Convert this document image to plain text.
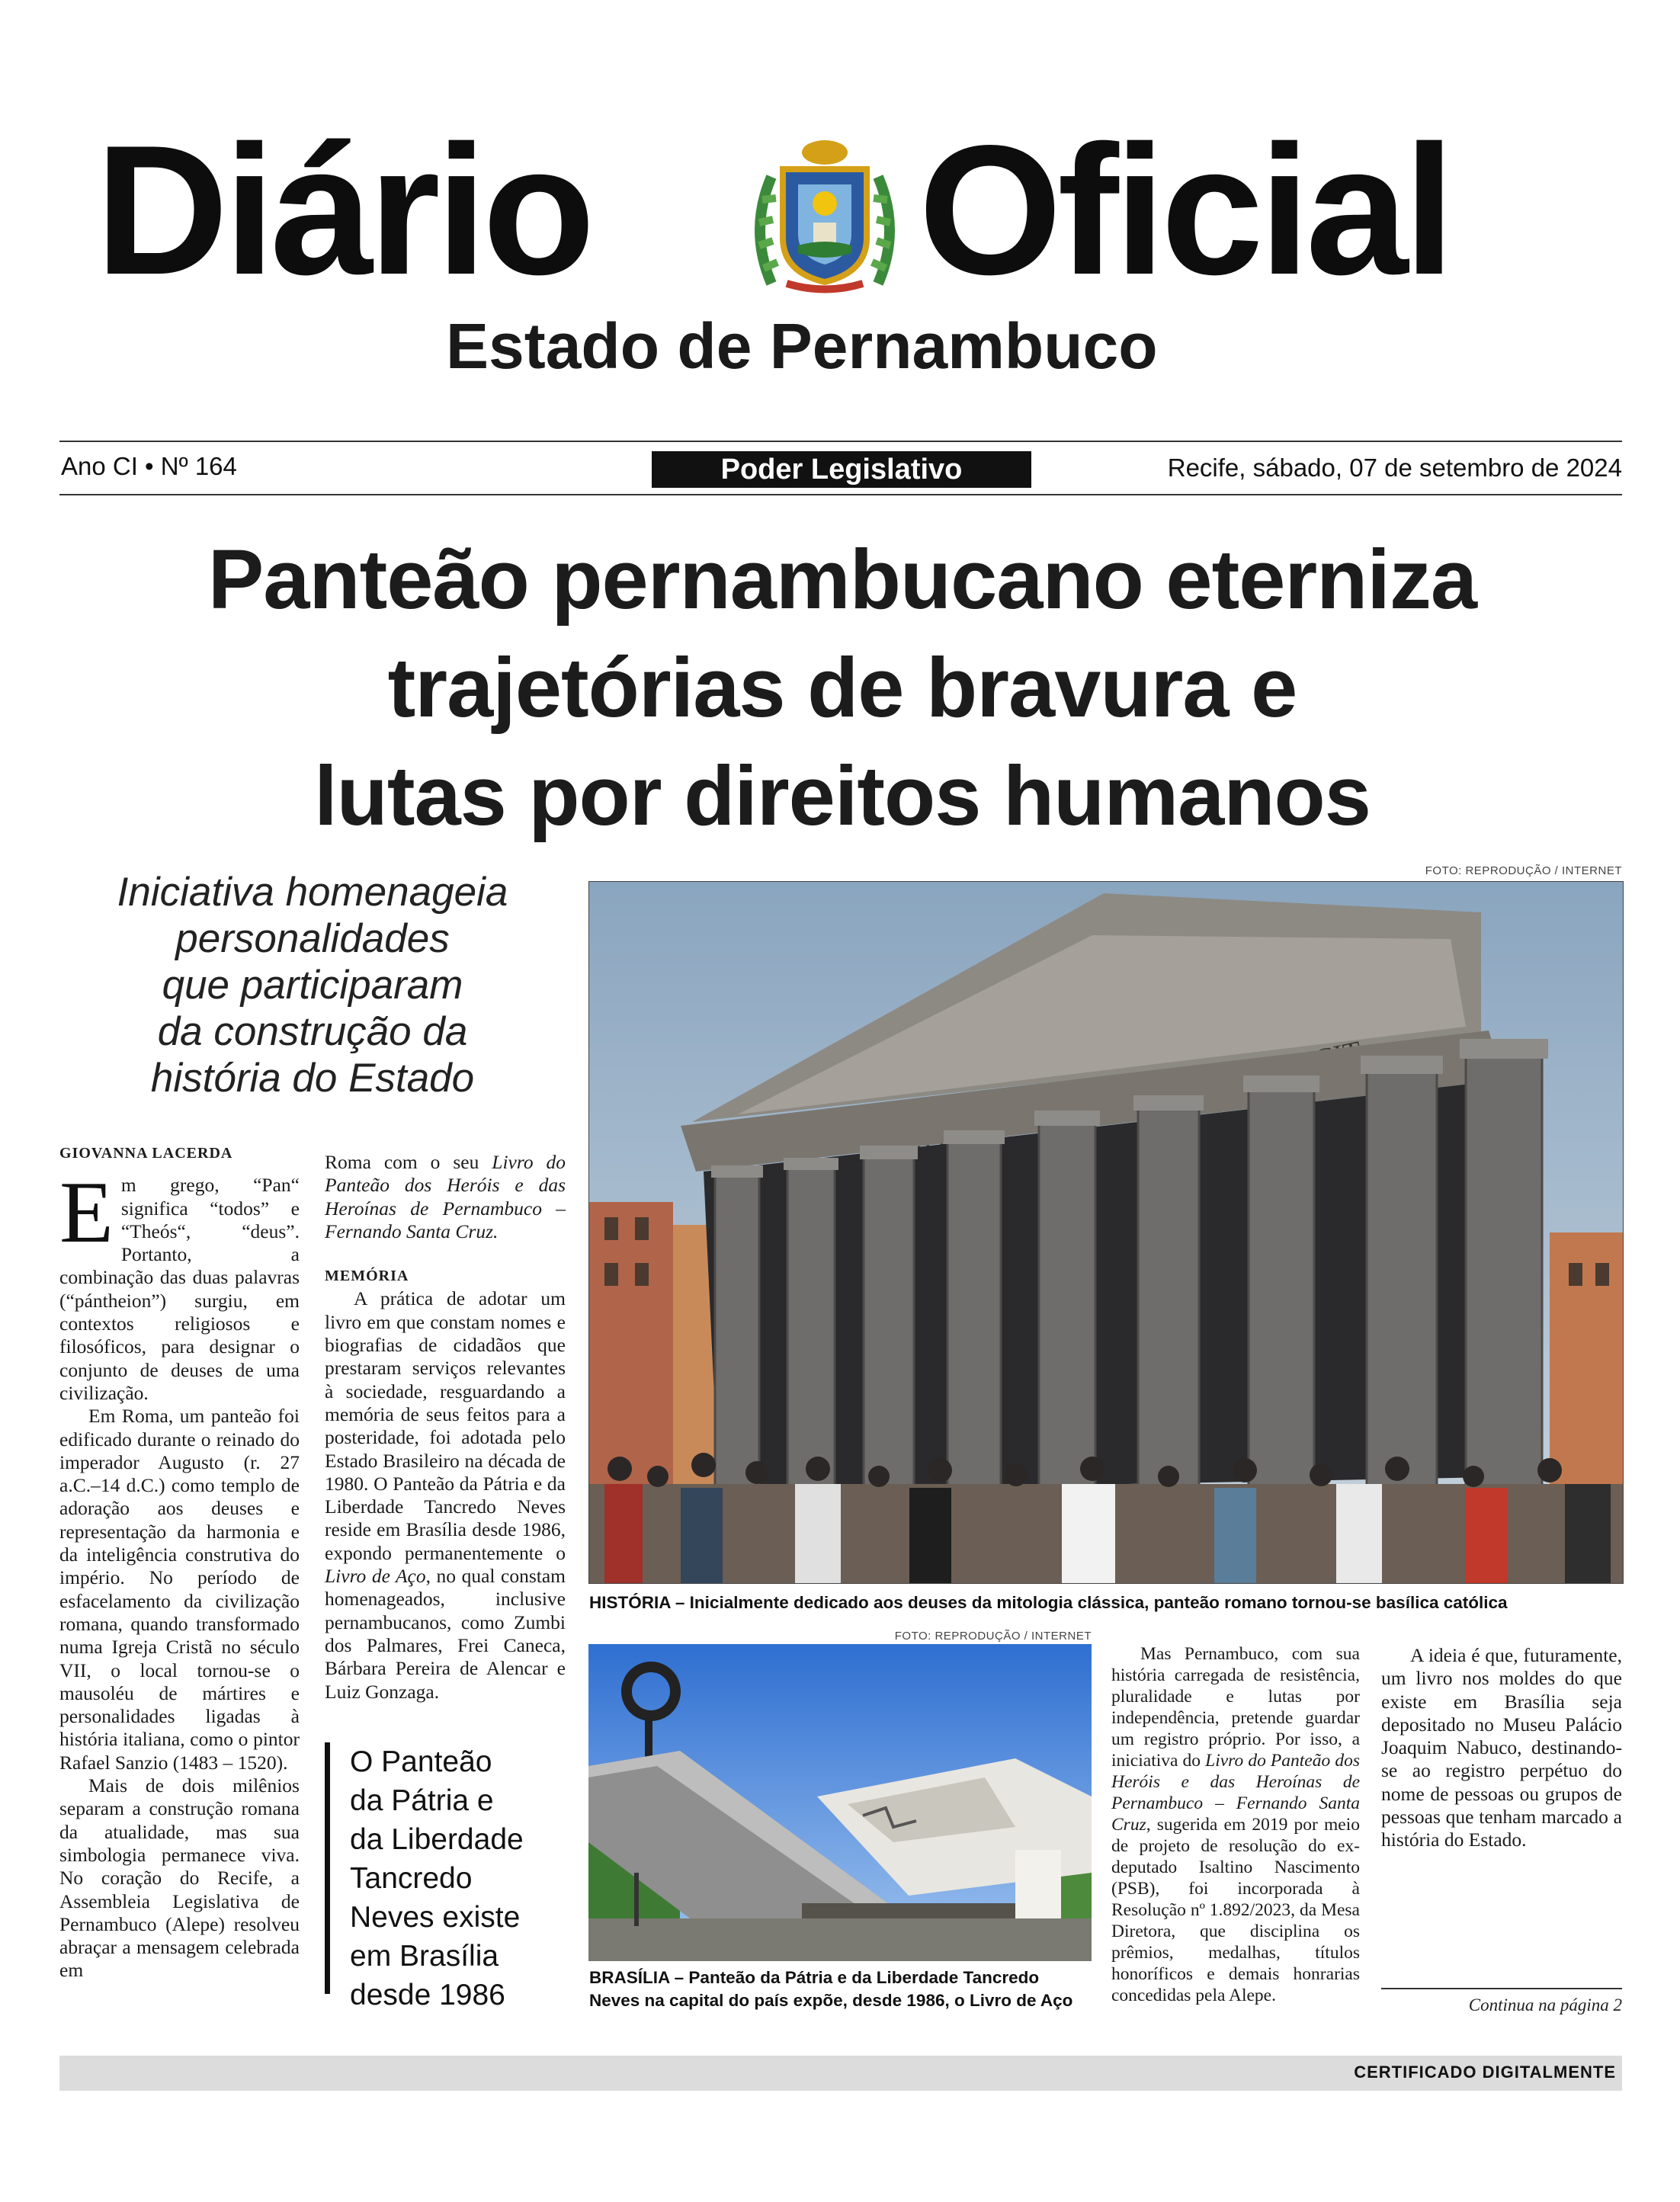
Diário Oficial
Estado de Pernambuco
Ano CI • Nº 164	Poder Legislativo	Recife, sábado, 07 de setembro de 2024
Panteão pernambucano eterniza
trajetórias de bravura e
lutas por direitos humanos
Iniciativa homenageia
personalidades
que participaram
da construção da
história do Estado
FOTO: REPRODUÇÃO / INTERNET
HISTÓRIA – Inicialmente dedicado aos deuses da mitologia clássica, panteão romano tornou-se basílica católica
FOTO: REPRODUÇÃO / INTERNET
BRASÍLIA – Panteão da Pátria e da Liberdade Tancredo
Neves na capital do país expõe, desde 1986, o Livro de Aço

GIOVANNA LACERDA

Em grego, “Pan“ significa “todos” e “Theós“, “deus”. Portanto, a combinação das duas palavras (“pántheion”) surgiu, em contextos religiosos e filosóficos, para designar o conjunto de deuses de uma civilização.

Em Roma, um panteão foi edificado durante o reinado do imperador Augusto (r. 27 a.C.–14 d.C.) como templo de adoração aos deuses e representação da harmonia e da inteligência construtiva do império. No período de esfacelamento da civilização romana, quando transformado numa Igreja Cristã no século VII, o local tornou-se o mausoléu de mártires e personalidades ligadas à história italiana, como o pintor Rafael Sanzio (1483 – 1520).

Mais de dois milênios separam a construção romana da atualidade, mas sua simbologia permanece viva. No coração do Recife, a Assembleia Legislativa de Pernambuco (Alepe) resolveu abraçar a mensagem celebrada em

Roma com o seu Livro do Panteão dos Heróis e das Heroínas de Pernambuco – Fernando Santa Cruz.

MEMÓRIA

A prática de adotar um livro em que constam nomes e biografias de cidadãos que prestaram serviços relevantes à sociedade, resguardando a memória de seus feitos para a posteridade, foi adotada pelo Estado Brasileiro na década de 1980. O Panteão da Pátria e da Liberdade Tancredo Neves reside em Brasília desde 1986, expondo permanentemente o Livro de Aço, no qual constam homenageados, inclusive pernambucanos, como Zumbi dos Palmares, Frei Caneca, Bárbara Pereira de Alencar e Luiz Gonzaga.

O Panteão
da Pátria e
da Liberdade
Tancredo
Neves existe
em Brasília
desde 1986

Mas Pernambuco, com sua história carregada de resistência, pluralidade e lutas por independência, pretende guardar um registro próprio. Por isso, a iniciativa do Livro do Panteão dos Heróis e das Heroínas de Pernambuco – Fernando Santa Cruz, sugerida em 2019 por meio de projeto de resolução do ex-deputado Isaltino Nascimento (PSB), foi incorporada à Resolução nº 1.892/2023, da Mesa Diretora, que disciplina os prêmios, medalhas, títulos honoríficos e demais honrarias concedidas pela Alepe.

A ideia é que, futuramente, um livro nos moldes do que existe em Brasília seja depositado no Museu Palácio Joaquim Nabuco, destinando-se ao registro perpétuo do nome de pessoas ou grupos de pessoas que tenham marcado a história do Estado.

Continua na página 2
CERTIFICADO DIGITALMENTE
